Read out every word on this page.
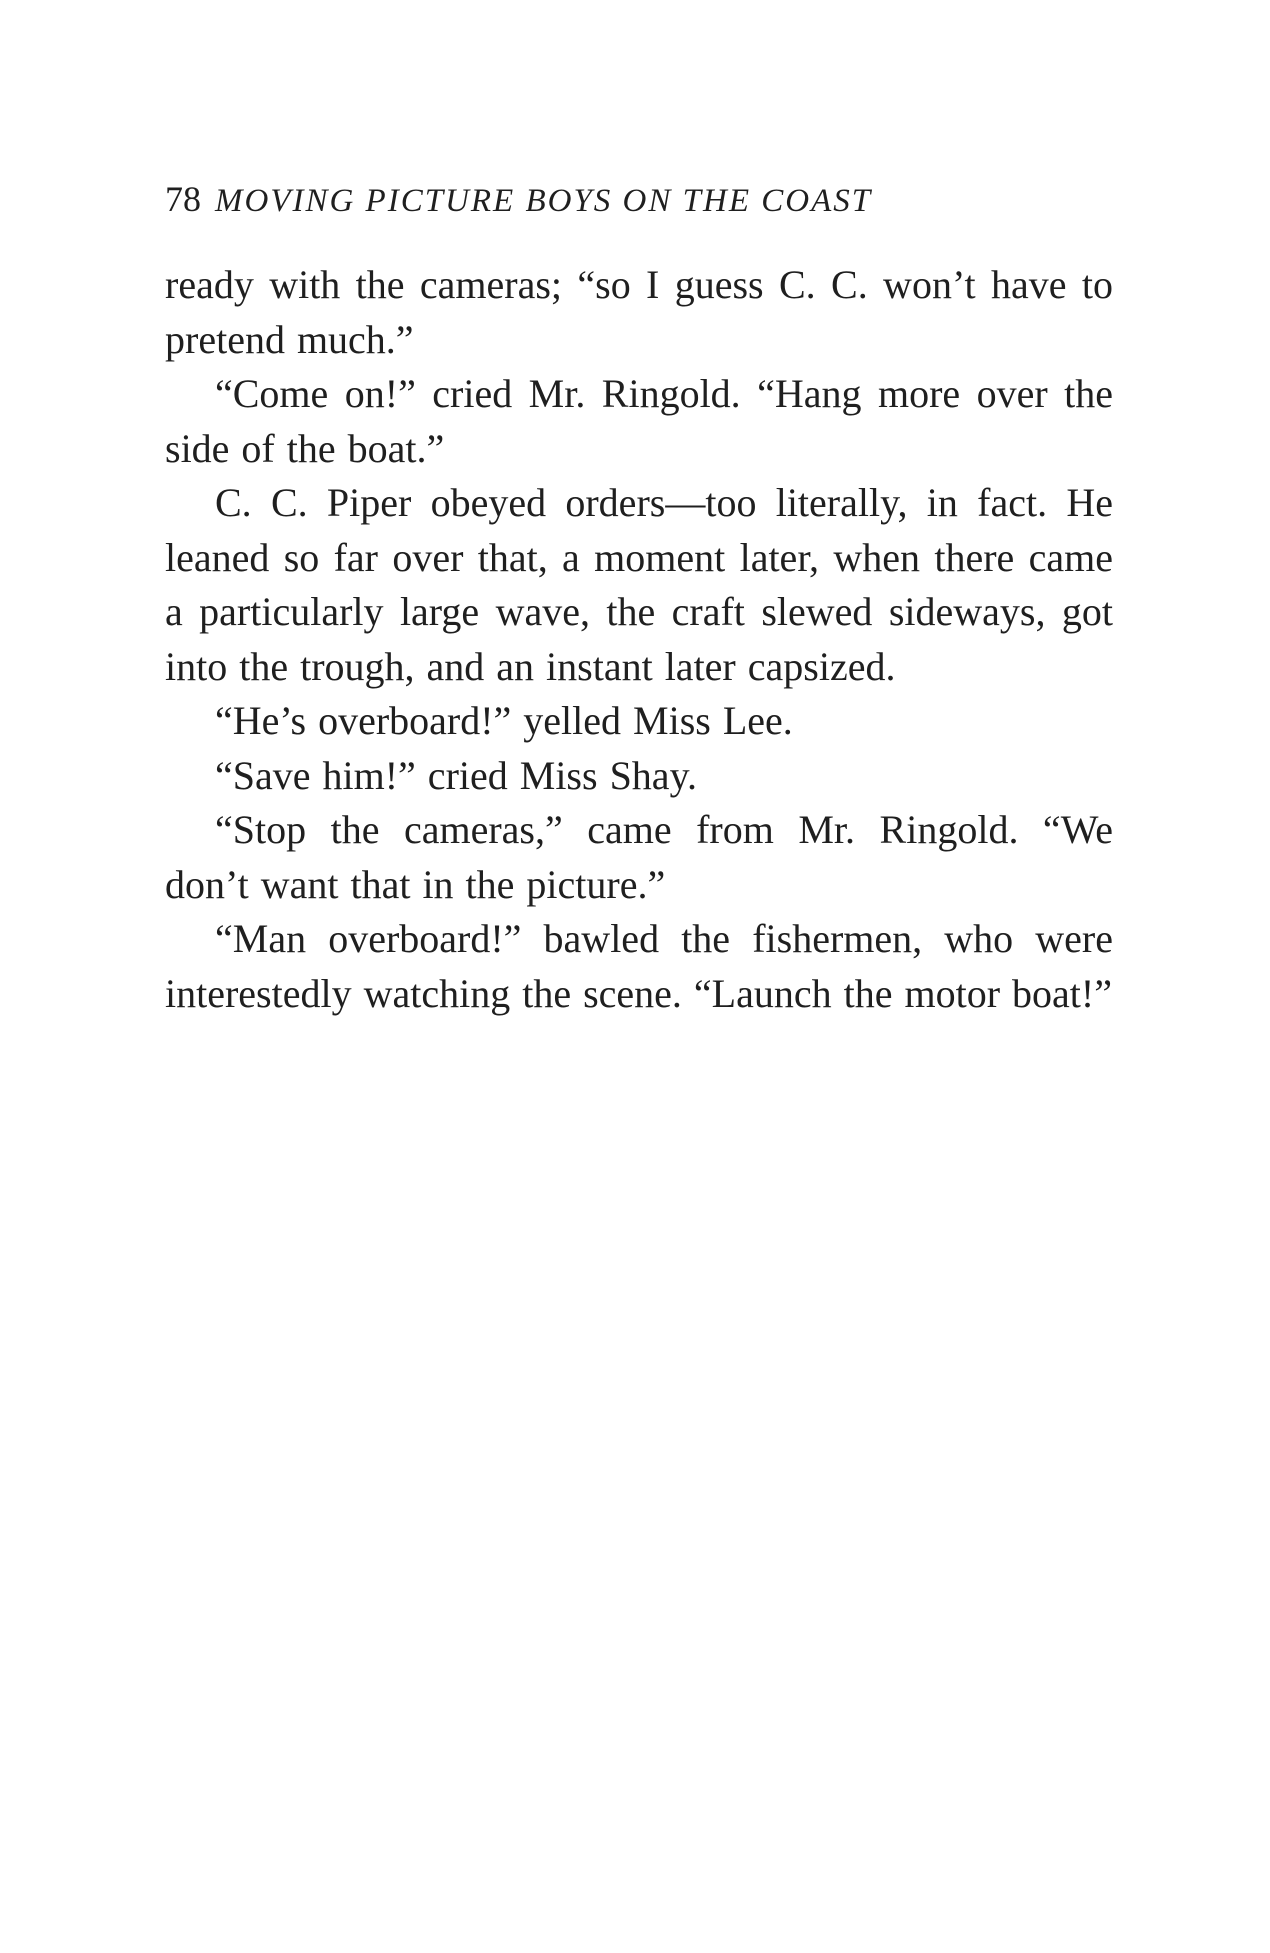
78 MOVING PICTURE BOYS ON THE COAST

ready with the cameras; “so I guess C. C. won’t have to pretend much.”

“Come on!” cried Mr. Ringold. “Hang more over the side of the boat.”

C. C. Piper obeyed orders—too literally, in fact. He leaned so far over that, a moment later, when there came a particularly large wave, the craft slewed sideways, got into the trough, and an instant later capsized.

“He’s overboard!” yelled Miss Lee.

“Save him!” cried Miss Shay.

“Stop the cameras,” came from Mr. Ringold. “We don’t want that in the picture.”

“Man overboard!” bawled the fishermen, who were interestedly watching the scene. “Launch the motor boat!”
